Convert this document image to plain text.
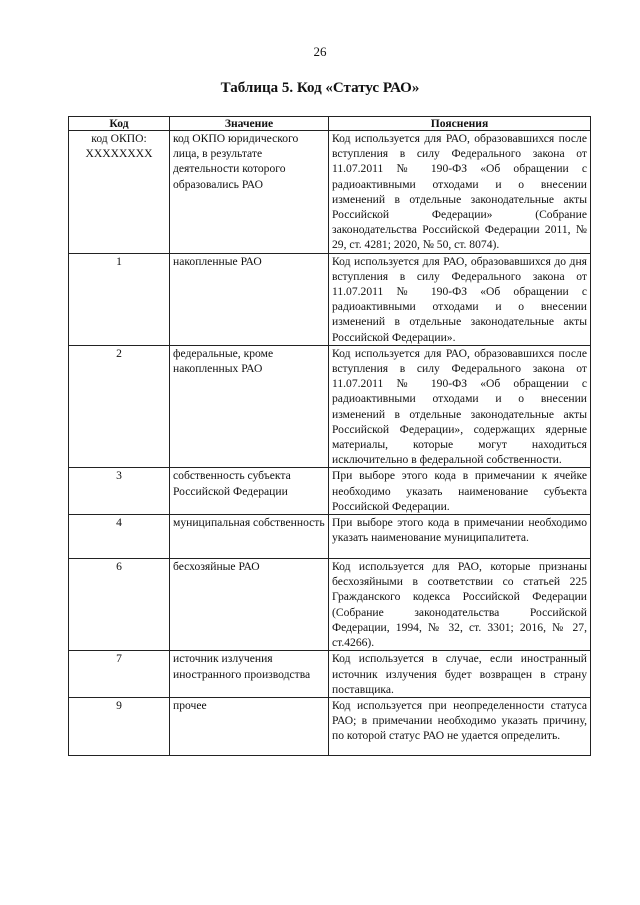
26
Таблица 5. Код «Статус РАО»
Код	Значение	Пояснения
код ОКПО: XXXXXXXX	код ОКПО юридического лица, в результате деятельности которого образовались РАО	Код используется для РАО, образовавшихся после вступления в силу Федерального закона от 11.07.2011 № 190-ФЗ «Об обращении с радиоактивными отходами и о внесении изменений в отдельные законодательные акты Российской Федерации» (Собрание законодательства Российской Федерации 2011, № 29, ст. 4281; 2020, № 50, ст. 8074).
1	накопленные РАО	Код используется для РАО, образовавшихся до дня вступления в силу Федерального закона от 11.07.2011 № 190-ФЗ «Об обращении с радиоактивными отходами и о внесении изменений в отдельные законодательные акты Российской Федерации».
2	федеральные, кроме накопленных РАО	Код используется для РАО, образовавшихся после вступления в силу Федерального закона от 11.07.2011 № 190-ФЗ «Об обращении с радиоактивными отходами и о внесении изменений в отдельные законодательные акты Российской Федерации», содержащих ядерные материалы, которые могут находиться исключительно в федеральной собственности.
3	собственность субъекта Российской Федерации	При выборе этого кода в примечании к ячейке необходимо указать наименование субъекта Российской Федерации.
4	муниципальная собственность	При выборе этого кода в примечании необходимо указать наименование муниципалитета.
6	бесхозяйные РАО	Код используется для РАО, которые признаны бесхозяйными в соответствии со статьей 225 Гражданского кодекса Российской Федерации (Собрание законодательства Российской Федерации, 1994, № 32, ст. 3301; 2016, № 27, ст.4266).
7	источник излучения иностранного производства	Код используется в случае, если иностранный источник излучения будет возвращен в страну поставщика.
9	прочее	Код используется при неопределенности статуса РАО; в примечании необходимо указать причину, по которой статус РАО не удается определить.
